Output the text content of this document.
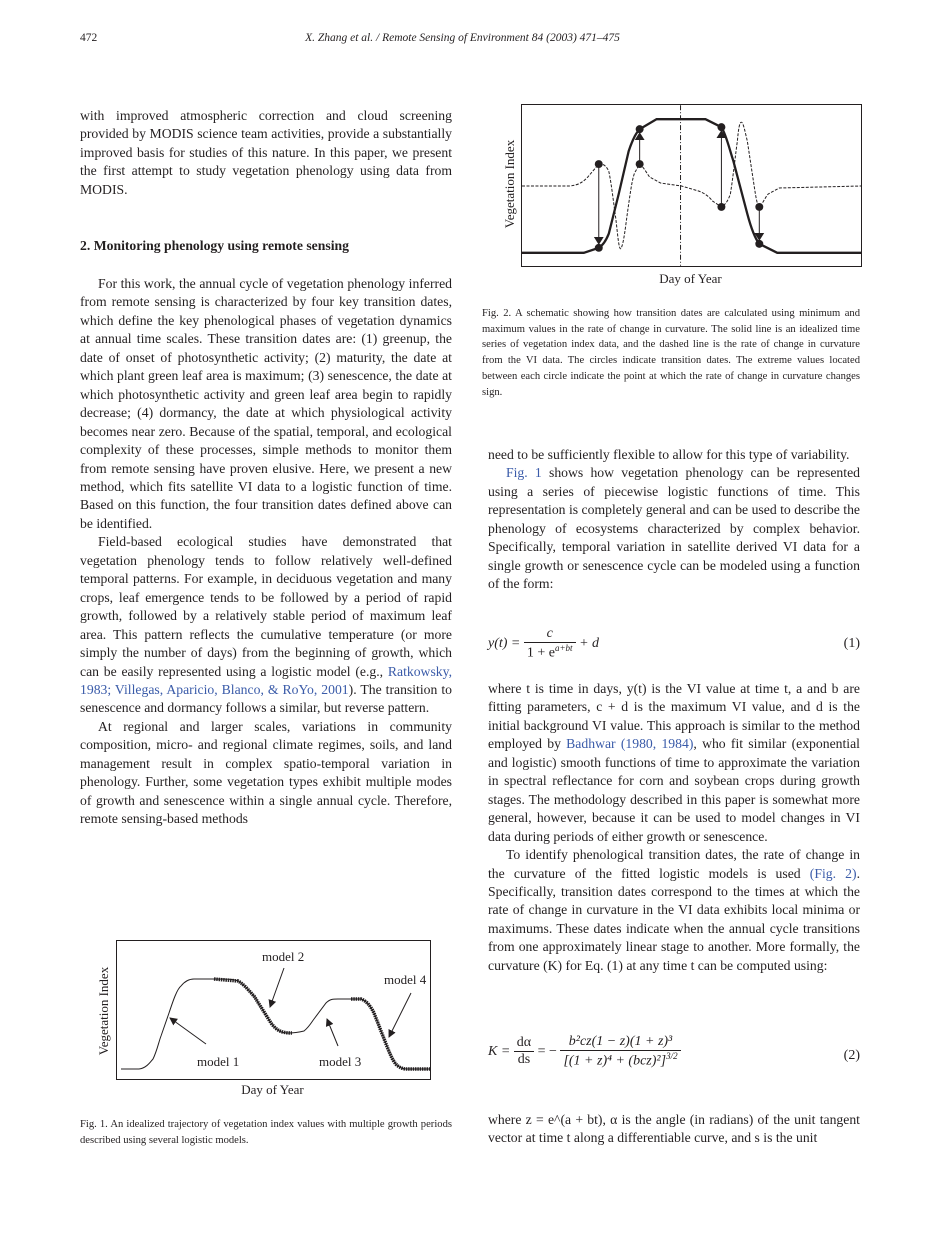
472	X. Zhang et al. / Remote Sensing of Environment 84 (2003) 471–475

with improved atmospheric correction and cloud screening provided by MODIS science team activities, provide a substantially improved basis for studies of this nature. In this paper, we present the first attempt to study vegetation phenology using data from MODIS.

2. Monitoring phenology using remote sensing

For this work, the annual cycle of vegetation phenology inferred from remote sensing is characterized by four key transition dates, which define the key phenological phases of vegetation dynamics at annual time scales. These transition dates are: (1) greenup, the date of onset of photosynthetic activity; (2) maturity, the date at which plant green leaf area is maximum; (3) senescence, the date at which photosynthetic activity and green leaf area begin to rapidly decrease; (4) dormancy, the date at which physiological activity becomes near zero. Because of the spatial, temporal, and ecological complexity of these processes, simple methods to monitor them from remote sensing have proven elusive. Here, we present a new method, which fits satellite VI data to a logistic function of time. Based on this function, the four transition dates defined above can be identified.

Field-based ecological studies have demonstrated that vegetation phenology tends to follow relatively well-defined temporal patterns. For example, in deciduous vegetation and many crops, leaf emergence tends to be followed by a period of rapid growth, followed by a relatively stable period of maximum leaf area. This pattern reflects the cumulative temperature (or more simply the number of days) from the beginning of growth, which can be easily represented using a logistic model (e.g., Ratkowsky, 1983; Villegas, Aparicio, Blanco, & RoYo, 2001). The transition to senescence and dormancy follows a similar, but reverse pattern.

At regional and larger scales, variations in community composition, micro- and regional climate regimes, soils, and land management result in complex spatio-temporal variation in phenology. Further, some vegetation types exhibit multiple modes of growth and senescence within a single annual cycle. Therefore, remote sensing-based methods

model 1
model 2
model 3
model 4
Vegetation Index
Day of Year
Fig. 1. An idealized trajectory of vegetation index values with multiple growth periods described using several logistic models.
Vegetation Index
Day of Year
Fig. 2. A schematic showing how transition dates are calculated using minimum and maximum values in the rate of change in curvature. The solid line is an idealized time series of vegetation index data, and the dashed line is the rate of change in curvature from the VI data. The circles indicate transition dates. The extreme values located between each circle indicate the point at which the rate of change in curvature changes sign.

need to be sufficiently flexible to allow for this type of variability.

Fig. 1 shows how vegetation phenology can be represented using a series of piecewise logistic functions of time. This representation is completely general and can be used to describe the phenology of ecosystems characterized by complex behavior. Specifically, temporal variation in satellite derived VI data for a single growth or senescence cycle can be modeled using a function of the form:

$y(t) = \frac{c}{1 + e^{a+bt}} + d$	(1)

where t is time in days, y(t) is the VI value at time t, a and b are fitting parameters, c + d is the maximum VI value, and d is the initial background VI value. This approach is similar to the method employed by Badhwar (1980, 1984), who fit similar (exponential and logistic) smooth functions of time to approximate the variation in spectral reflectance for corn and soybean crops during growth stages. The methodology described in this paper is somewhat more general, however, because it can be used to model changes in VI data during periods of either growth or senescence.

To identify phenological transition dates, the rate of change in the curvature of the fitted logistic models is used (Fig. 2). Specifically, transition dates correspond to the times at which the rate of change in curvature in the VI data exhibits local minima or maximums. These dates indicate when the annual cycle transitions from one approximately linear stage to another. More formally, the curvature (K) for Eq. (1) at any time t can be computed using:

$K = \frac{d\alpha}{ds}$ = − $\frac{\text{b²cz(1 − z)(1 + z)³}}{[(1 + z)^4 + (bcz)^2]^{3/2}}$	(2)

where z = e^(a + bt), α is the angle (in radians) of the unit tangent vector at time t along a differentiable curve, and s is the unit
